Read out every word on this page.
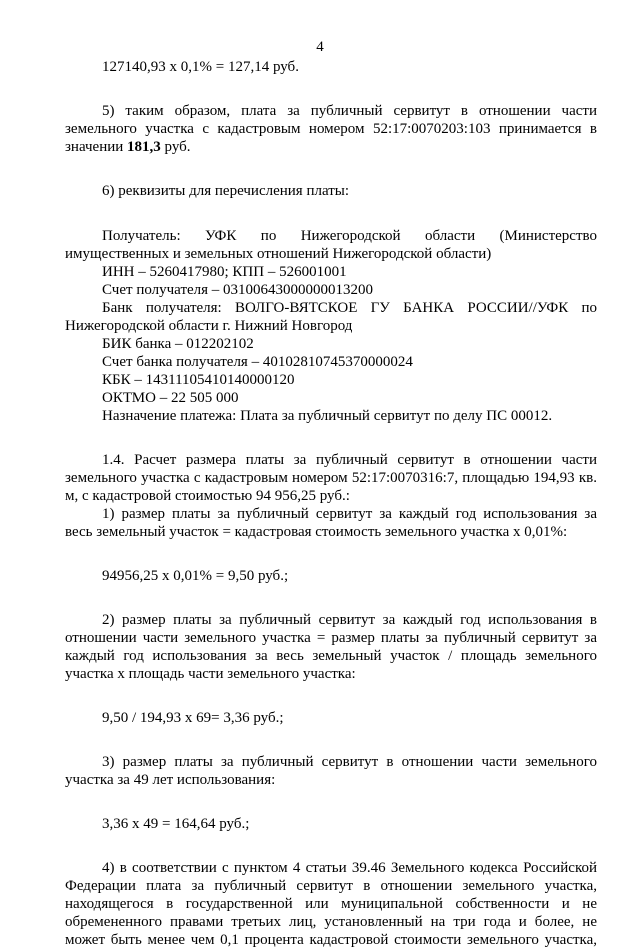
4
127140,93 х 0,1% = 127,14 руб.
5) таким образом, плата за публичный сервитут в отношении части
земельного участка с кадастровым номером 52:17:0070203:103 принимается в
значении 181,3 руб.
6) реквизиты для перечисления платы:
Получатель: УФК по Нижегородской области (Министерство
имущественных и земельных отношений Нижегородской области)
ИНН – 5260417980; КПП – 526001001
Счет получателя – 03100643000000013200
Банк получателя: ВОЛГО-ВЯТСКОЕ ГУ БАНКА РОССИИ//УФК по
Нижегородской области г. Нижний Новгород
БИК банка – 012202102
Счет банка получателя – 40102810745370000024
КБК – 14311105410140000120
ОКТМО – 22 505 000
Назначение платежа: Плата за публичный сервитут по делу ПС 00012.
1.4. Расчет размера платы за публичный сервитут в отношении части
земельного участка с кадастровым номером 52:17:0070316:7, площадью 194,93 кв.
м, с кадастровой стоимостью 94 956,25 руб.:
1) размер платы за публичный сервитут за каждый год использования за
весь земельный участок = кадастровая стоимость земельного участка х 0,01%:
94956,25 х 0,01% = 9,50 руб.;
2) размер платы за публичный сервитут за каждый год использования в
отношении части земельного участка = размер платы за публичный сервитут за
каждый год использования за весь земельный участок / площадь земельного
участка х площадь части земельного участка:
9,50 / 194,93 х 69= 3,36 руб.;
3) размер платы за публичный сервитут в отношении части земельного
участка за 49 лет использования:
3,36 х 49 = 164,64 руб.;
4) в соответствии с пунктом 4 статьи 39.46 Земельного кодекса Российской
Федерации плата за публичный сервитут в отношении земельного участка,
находящегося в государственной или муниципальной собственности и не
обремененного правами третьих лиц, установленный на три года и более, не
может быть менее чем 0,1 процента кадастровой стоимости земельного участка,
